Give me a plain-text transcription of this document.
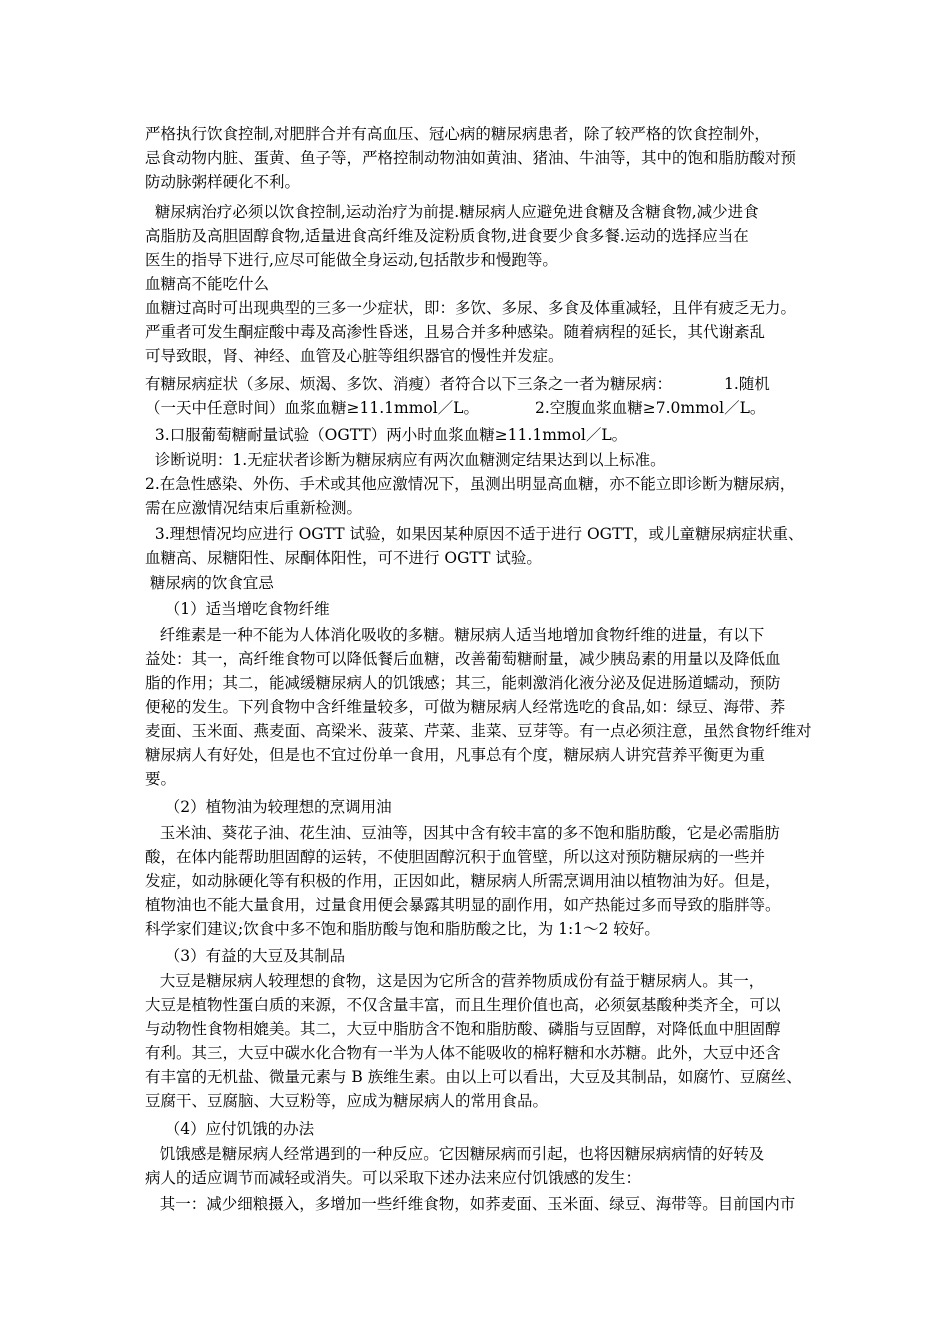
严格执行饮食控制,对肥胖合并有高血压、冠心病的糖尿病患者，除了较严格的饮食控制外，
忌食动物内脏、蛋黄、鱼子等，严格控制动物油如黄油、猪油、牛油等，其中的饱和脂肪酸对预
防动脉粥样硬化不利。
糖尿病治疗必须以饮食控制,运动治疗为前提.糖尿病人应避免进食糖及含糖食物,减少进食
高脂肪及高胆固醇食物,适量进食高纤维及淀粉质食物,进食要少食多餐.运动的选择应当在
医生的指导下进行,应尽可能做全身运动,包括散步和慢跑等。
血糖高不能吃什么
血糖过高时可出现典型的三多一少症状，即：多饮、多尿、多食及体重减轻，且伴有疲乏无力。
严重者可发生酮症酸中毒及高渗性昏迷，且易合并多种感染。随着病程的延长，其代谢紊乱
可导致眼，肾、神经、血管及心脏等组织器官的慢性并发症。
有糖尿病症状（多尿、烦渴、多饮、消瘦）者符合以下三条之一者为糖尿病：	1.随机
（一天中任意时间）血浆血糖≥11.1mmol／L。	2.空腹血浆血糖≥7.0mmol／L。
3.口服葡萄糖耐量试验（OGTT）两小时血浆血糖≥11.1mmol／L。
诊断说明：1.无症状者诊断为糖尿病应有两次血糖测定结果达到以上标准。
2.在急性感染、外伤、手术或其他应激情况下，虽测出明显高血糖，亦不能立即诊断为糖尿病，
需在应激情况结束后重新检测。
3.理想情况均应进行 OGTT 试验，如果因某种原因不适于进行 OGTT，或儿童糖尿病症状重、
血糖高、尿糖阳性、尿酮体阳性，可不进行 OGTT 试验。
糖尿病的饮食宜忌
（1）适当增吃食物纤维
纤维素是一种不能为人体消化吸收的多糖。糖尿病人适当地增加食物纤维的进量，有以下
益处：其一，高纤维食物可以降低餐后血糖，改善葡萄糖耐量，减少胰岛素的用量以及降低血
脂的作用；其二，能减缓糖尿病人的饥饿感；其三，能刺激消化液分泌及促进肠道蠕动，预防
便秘的发生。下列食物中含纤维量较多，可做为糖尿病人经常选吃的食品,如：绿豆、海带、荞
麦面、玉米面、燕麦面、高梁米、菠菜、芹菜、韭菜、豆芽等。有一点必须注意，虽然食物纤维对
糖尿病人有好处，但是也不宜过份单一食用，凡事总有个度，糖尿病人讲究营养平衡更为重
要。
（2）植物油为较理想的烹调用油
玉米油、葵花子油、花生油、豆油等，因其中含有较丰富的多不饱和脂肪酸，它是必需脂肪
酸，在体内能帮助胆固醇的运转，不使胆固醇沉积于血管壁，所以这对预防糖尿病的一些并
发症，如动脉硬化等有积极的作用，正因如此，糖尿病人所需烹调用油以植物油为好。但是，
植物油也不能大量食用，过量食用便会暴露其明显的副作用，如产热能过多而导致的脂胖等。
科学家们建议;饮食中多不饱和脂肪酸与饱和脂肪酸之比，为 1:1～2 较好。
（3）有益的大豆及其制品
大豆是糖尿病人较理想的食物，这是因为它所含的营养物质成份有益于糖尿病人。其一，
大豆是植物性蛋白质的来源，不仅含量丰富，而且生理价值也高，必须氨基酸种类齐全，可以
与动物性食物相媲美。其二，大豆中脂肪含不饱和脂肪酸、磷脂与豆固醇，对降低血中胆固醇
有利。其三，大豆中碳水化合物有一半为人体不能吸收的棉籽糖和水苏糖。此外，大豆中还含
有丰富的无机盐、微量元素与 B 族维生素。由以上可以看出，大豆及其制品，如腐竹、豆腐丝、
豆腐干、豆腐脑、大豆粉等，应成为糖尿病人的常用食品。
（4）应付饥饿的办法
饥饿感是糖尿病人经常遇到的一种反应。它因糖尿病而引起，也将因糖尿病病情的好转及
病人的适应调节而减轻或消失。可以采取下述办法来应付饥饿感的发生：
其一：减少细粮摄入，多增加一些纤维食物，如荞麦面、玉米面、绿豆、海带等。目前国内市
